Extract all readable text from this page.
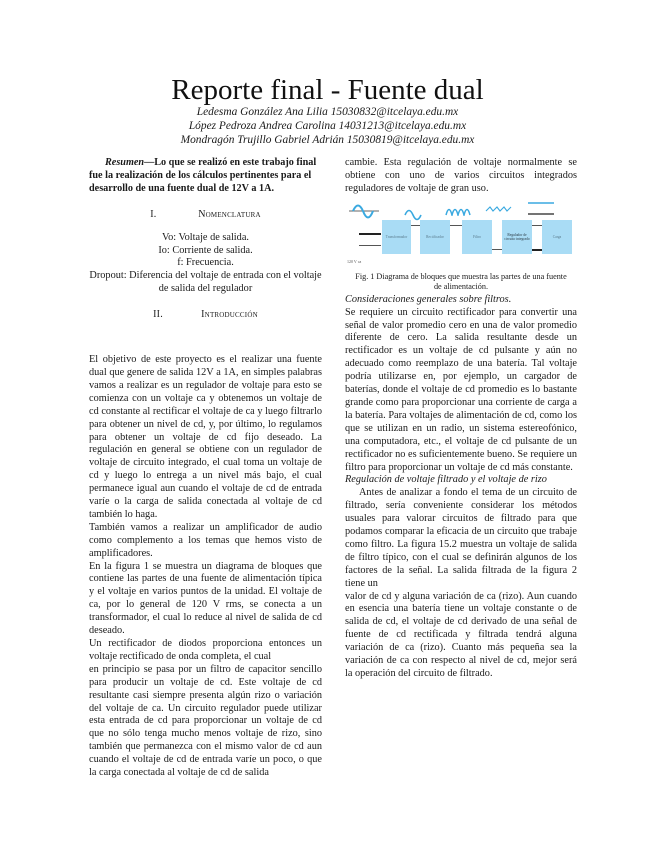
Reporte final - Fuente dual
Ledesma González Ana Lilia 15030832@itcelaya.edu.mx
López Pedroza Andrea Carolina 14031213@itcelaya.edu.mx
Mondragón Trujillo Gabriel Adrián 15030819@itcelaya.edu.mx

Resumen—Lo que se realizó en este trabajo final fue la realización de los cálculos pertinentes para el desarrollo de una fuente dual de 12V a 1A.

I.	Nomenclatura

Vo: Voltaje de salida.

Io: Corriente de salida.

f: Frecuencia.

Dropout: Diferencia del voltaje de entrada con el voltaje de salida del regulador

II.	Introducción

El objetivo de este proyecto es el realizar una fuente dual que genere de salida 12V a 1A, en simples palabras vamos a realizar es un regulador de voltaje para esto se comienza con un voltaje ca y obtenemos un voltaje de cd constante al rectificar el voltaje de ca y luego filtrarlo para obtener un nivel de cd, y, por último, lo regulamos para obtener un voltaje de cd fijo deseado. La regulación en general se obtiene con un regulador de voltaje de circuito integrado, el cual toma un voltaje de cd y luego lo entrega a un nivel más bajo, el cual permanece igual aun cuando el voltaje de cd de entrada varíe o la carga de salida conectada al voltaje de cd también lo haga.

También vamos a realizar un amplificador de audio como complemento a los temas que hemos visto de amplificadores.

En la figura 1 se muestra un diagrama de bloques que contiene las partes de una fuente de alimentación típica y el voltaje en varios puntos de la unidad. El voltaje de ca, por lo general de 120 V rms, se conecta a un transformador, el cual lo reduce al nivel de salida de cd deseado.

Un rectificador de diodos proporciona entonces un voltaje rectificado de onda completa, el cual

en principio se pasa por un filtro de capacitor sencillo para producir un voltaje de cd. Este voltaje de cd resultante casi siempre presenta algún rizo o variación del voltaje de ca. Un circuito regulador puede utilizar esta entrada de cd para proporcionar un voltaje de cd que no sólo tenga mucho menos voltaje de rizo, sino también que permanezca con el mismo valor de cd aun cuando el voltaje de cd de entrada varíe un poco, o que la carga conectada al voltaje de cd de salida

cambie. Esta regulación de voltaje normalmente se obtiene con uno de varios circuitos integrados reguladores de voltaje de gran uso.

120 V ca
Transformador	Rectificador	Filtro	Regulador de circuito integrado	Carga

Fig. 1 Diagrama de bloques que muestra las partes de una fuente de alimentación.

Consideraciones generales sobre filtros.

Se requiere un circuito rectificador para convertir una señal de valor promedio cero en una de valor promedio diferente de cero. La salida resultante desde un rectificador es un voltaje de cd pulsante y aún no adecuado como reemplazo de una batería. Tal voltaje podría utilizarse en, por ejemplo, un cargador de baterías, donde el voltaje de cd promedio es lo bastante grande como para proporcionar una corriente de carga a la batería. Para voltajes de alimentación de cd, como los que se utilizan en un radio, un sistema estereofónico, una computadora, etc., el voltaje de cd pulsante de un rectificador no es suficientemente bueno. Se requiere un filtro para proporcionar un voltaje de cd más constante.

Regulación de voltaje filtrado y el voltaje de rizo

Antes de analizar a fondo el tema de un circuito de filtrado, sería conveniente considerar los métodos usuales para valorar circuitos de filtrado para que podamos comparar la eficacia de un circuito que trabaje como filtro. La figura 15.2 muestra un voltaje de salida de filtro típico, con el cual se definirán algunos de los factores de la señal. La salida filtrada de la figura 2 tiene un

valor de cd y alguna variación de ca (rizo). Aun cuando en esencia una batería tiene un voltaje constante o de salida de cd, el voltaje de cd derivado de una señal de fuente de cd rectificada y filtrada tendrá alguna variación de ca (rizo). Cuanto más pequeña sea la variación de ca con respecto al nivel de cd, mejor será la operación del circuito de filtrado.
